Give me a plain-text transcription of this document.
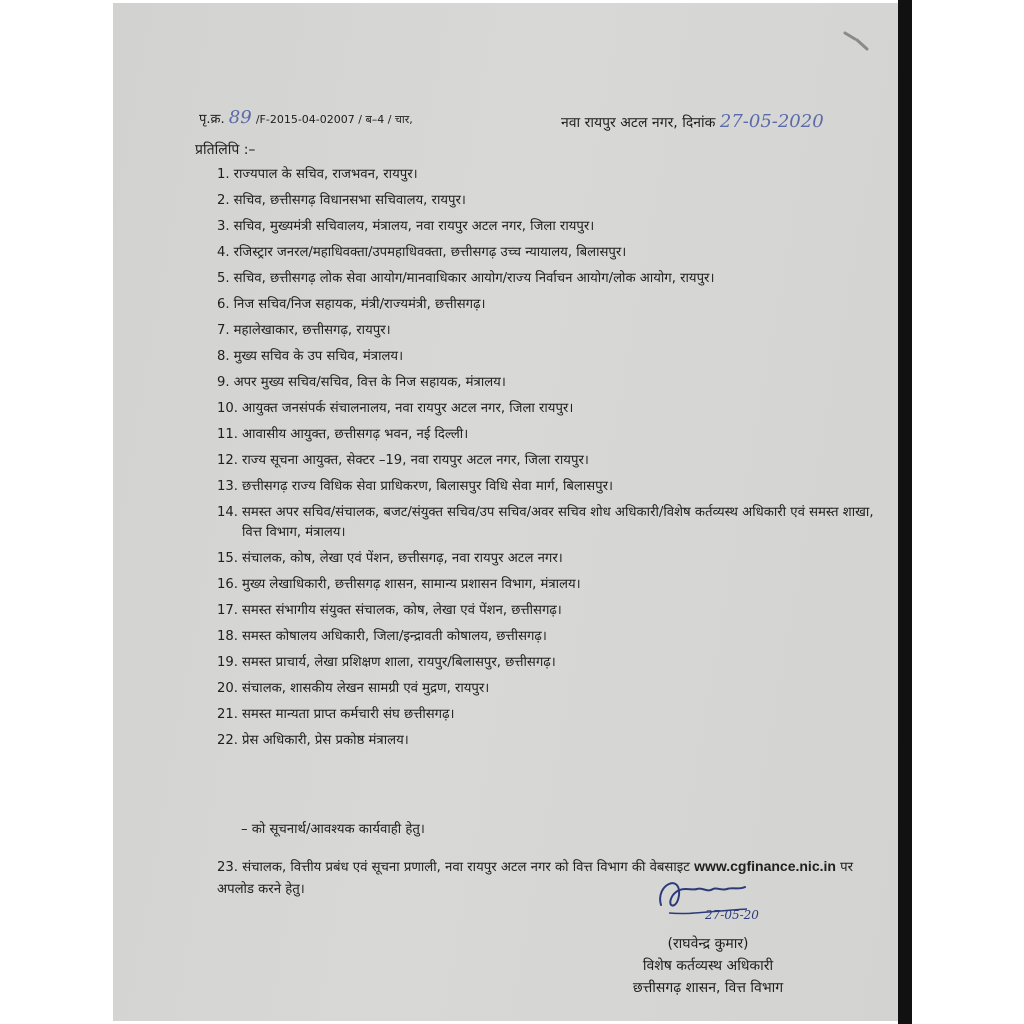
पृ.क्र. 89 /F-2015-04-02007 / ब–4 / चार,	नवा रायपुर अटल नगर, दिनांक 27-05-2020
प्रतिलिपि :–
1. राज्यपाल के सचिव, राजभवन, रायपुर।
2. सचिव, छत्तीसगढ़ विधानसभा सचिवालय, रायपुर।
3. सचिव, मुख्यमंत्री सचिवालय, मंत्रालय, नवा रायपुर अटल नगर, जिला रायपुर।
4. रजिस्ट्रार जनरल/महाधिवक्ता/उपमहाधिवक्ता, छत्तीसगढ़ उच्च न्यायालय, बिलासपुर।
5. सचिव, छत्तीसगढ़ लोक सेवा आयोग/मानवाधिकार आयोग/राज्य निर्वाचन आयोग/लोक आयोग, रायपुर।
6. निज सचिव/निज सहायक, मंत्री/राज्यमंत्री, छत्तीसगढ़।
7. महालेखाकार, छत्तीसगढ़, रायपुर।
8. मुख्य सचिव के उप सचिव, मंत्रालय।
9. अपर मुख्य सचिव/सचिव, वित्त के निज सहायक, मंत्रालय।
10. आयुक्त जनसंपर्क संचालनालय, नवा रायपुर अटल नगर, जिला रायपुर।
11. आवासीय आयुक्त, छत्तीसगढ़ भवन, नई दिल्ली।
12. राज्य सूचना आयुक्त, सेक्टर –19, नवा रायपुर अटल नगर, जिला रायपुर।
13. छत्तीसगढ़ राज्य विधिक सेवा प्राधिकरण, बिलासपुर विधि सेवा मार्ग, बिलासपुर।
14. समस्त अपर सचिव/संचालक, बजट/संयुक्त सचिव/उप सचिव/अवर सचिव शोध अधिकारी/विशेष कर्तव्यस्थ अधिकारी एवं समस्त शाखा, वित्त विभाग, मंत्रालय।
15. संचालक, कोष, लेखा एवं पेंशन, छत्तीसगढ़, नवा रायपुर अटल नगर।
16. मुख्य लेखाधिकारी, छत्तीसगढ़ शासन, सामान्य प्रशासन विभाग, मंत्रालय।
17. समस्त संभागीय संयुक्त संचालक, कोष, लेखा एवं पेंशन, छत्तीसगढ़।
18. समस्त कोषालय अधिकारी, जिला/इन्द्रावती कोषालय, छत्तीसगढ़।
19. समस्त प्राचार्य, लेखा प्रशिक्षण शाला, रायपुर/बिलासपुर, छत्तीसगढ़।
20. संचालक, शासकीय लेखन सामग्री एवं मुद्रण, रायपुर।
21. समस्त मान्यता प्राप्त कर्मचारी संघ छत्तीसगढ़।
22. प्रेस अधिकारी, प्रेस प्रकोष्ठ मंत्रालय।
– को सूचनार्थ/आवश्यक कार्यवाही हेतु।
23. संचालक, वित्तीय प्रबंध एवं सूचना प्रणाली, नवा रायपुर अटल नगर को वित्त विभाग की वेबसाइट www.cgfinance.nic.in पर अपलोड करने हेतु।
27-05-20
(राघवेन्द्र कुमार)
विशेष कर्तव्यस्थ अधिकारी
छत्तीसगढ़ शासन, वित्त विभाग
